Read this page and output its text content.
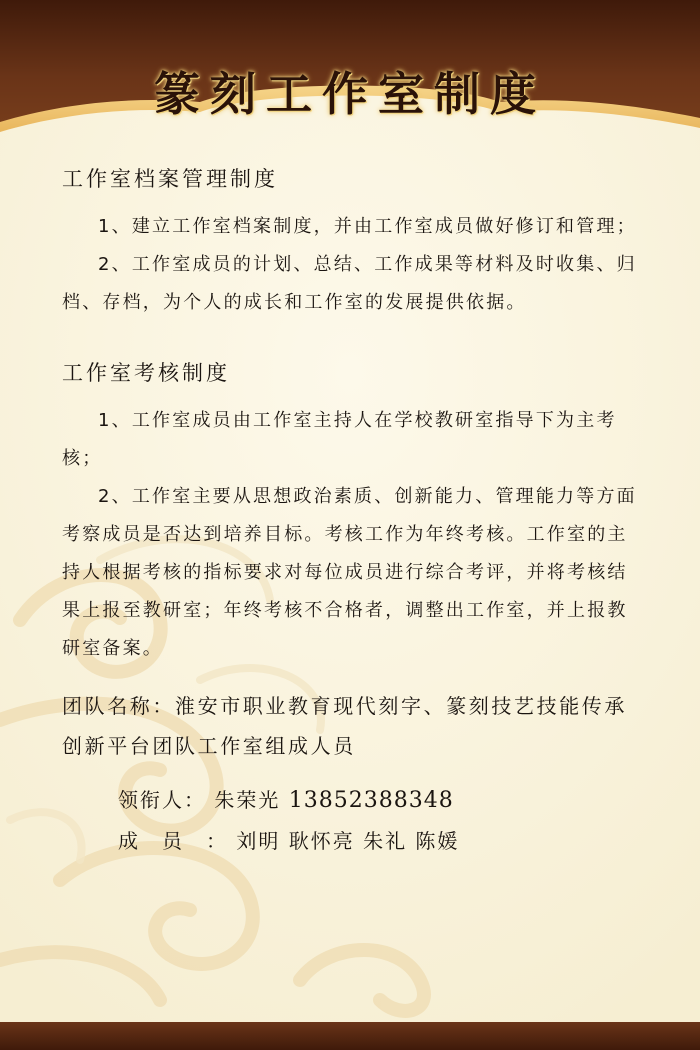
篆刻工作室制度
工作室档案管理制度

1、建立工作室档案制度，并由工作室成员做好修订和管理；

2、工作室成员的计划、总结、工作成果等材料及时收集、归档、存档，为个人的成长和工作室的发展提供依据。

工作室考核制度

1、工作室成员由工作室主持人在学校教研室指导下为主考核；

2、工作室主要从思想政治素质、创新能力、管理能力等方面考察成员是否达到培养目标。考核工作为年终考核。工作室的主持人根据考核的指标要求对每位成员进行综合考评，并将考核结果上报至教研室；年终考核不合格者，调整出工作室，并上报教研室备案。

团队名称：淮安市职业教育现代刻字、篆刻技艺技能传承创新平台团队工作室组成人员
领衔人： 朱荣光 13852388348
成　员　： 刘明 耿怀亮 朱礼 陈媛
